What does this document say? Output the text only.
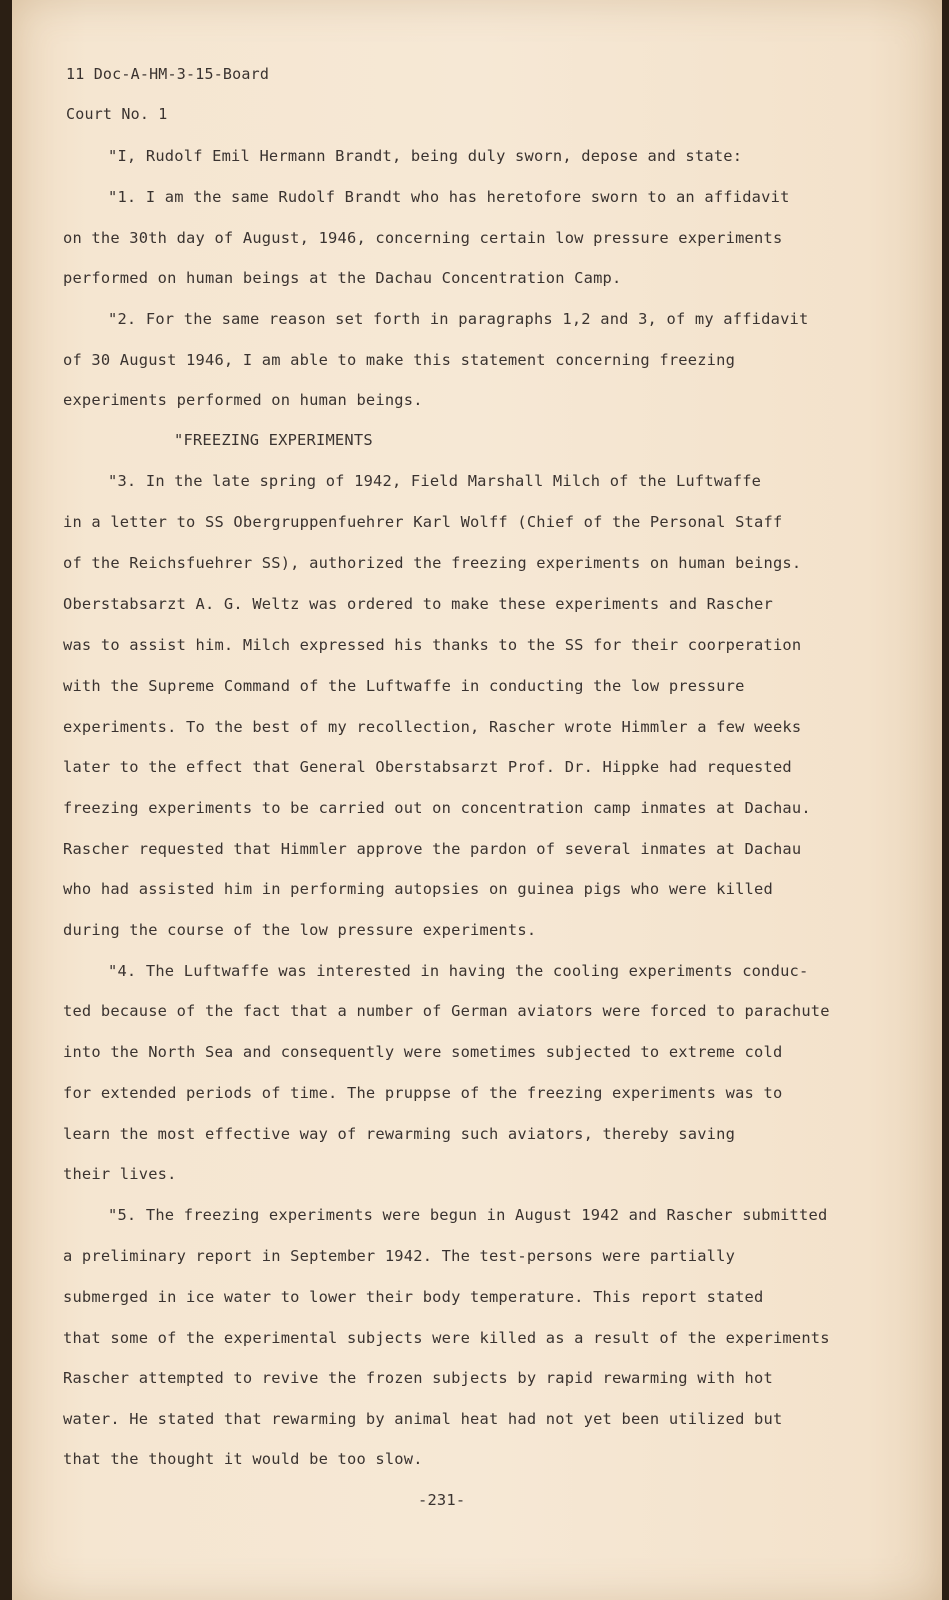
11 Doc-A-HM-3-15-Board
Court No. 1
"I, Rudolf Emil Hermann Brandt, being duly sworn, depose and state:
"1. I am the same Rudolf Brandt who has heretofore sworn to an affidavit
on the 30th day of August, 1946, concerning certain low pressure experiments
performed on human beings at the Dachau Concentration Camp.
"2. For the same reason set forth in paragraphs 1,2 and 3, of my affidavit
of 30 August 1946, I am able to make this statement concerning freezing
experiments performed on human beings.
"FREEZING EXPERIMENTS
"3. In the late spring of 1942, Field Marshall Milch of the Luftwaffe
in a letter to SS Obergruppenfuehrer Karl Wolff (Chief of the Personal Staff
of the Reichsfuehrer SS), authorized the freezing experiments on human beings.
Oberstabsarzt A. G. Weltz was ordered to make these experiments and Rascher
was to assist him. Milch expressed his thanks to the SS for their coorperation
with the Supreme Command of the Luftwaffe in conducting the low pressure
experiments. To the best of my recollection, Rascher wrote Himmler a few weeks
later to the effect that General Oberstabsarzt Prof. Dr. Hippke had requested
freezing experiments to be carried out on concentration camp inmates at Dachau.
Rascher requested that Himmler approve the pardon of several inmates at Dachau
who had assisted him in performing autopsies on guinea pigs who were killed
during the course of the low pressure experiments.
"4. The Luftwaffe was interested in having the cooling experiments conduc-
ted because of the fact that a number of German aviators were forced to parachute
into the North Sea and consequently were sometimes subjected to extreme cold
for extended periods of time. The pruppse of the freezing experiments was to
learn the most effective way of rewarming such aviators, thereby saving
their lives.
"5. The freezing experiments were begun in August 1942 and Rascher submitted
a preliminary report in September 1942. The test-persons were partially
submerged in ice water to lower their body temperature. This report stated
that some of the experimental subjects were killed as a result of the experiments
Rascher attempted to revive the frozen subjects by rapid rewarming with hot
water. He stated that rewarming by animal heat had not yet been utilized but
that the thought it would be too slow.
-231-
